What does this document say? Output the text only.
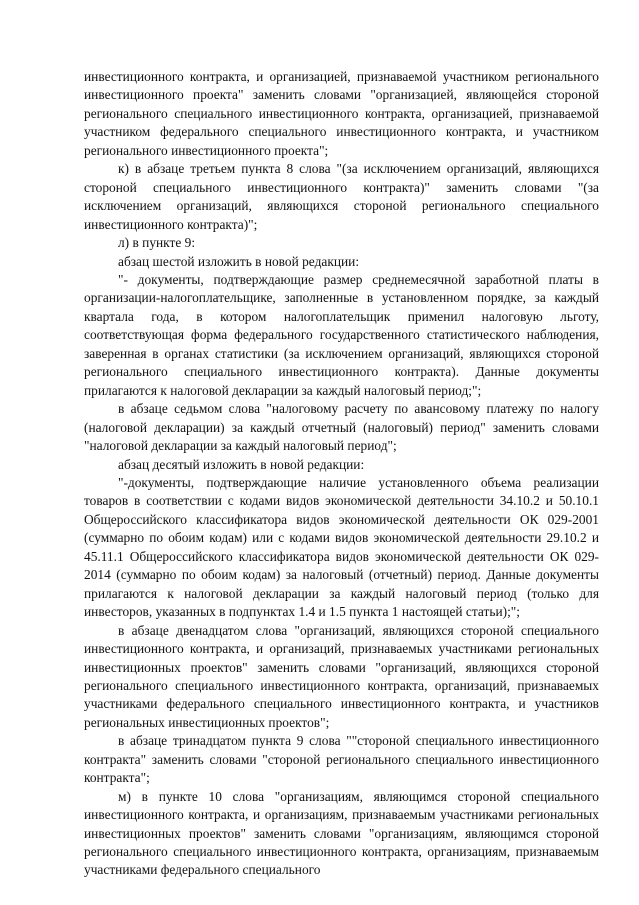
инвестиционного контракта, и организацией, признаваемой участником регионального инвестиционного проекта" заменить словами "организацией, являющейся стороной регионального специального инвестиционного контракта, организацией, признаваемой участником федерального специального инвестиционного контракта, и участником регионального инвестиционного проекта";

к) в абзаце третьем пункта 8 слова "(за исключением организаций, являющихся стороной специального инвестиционного контракта)" заменить словами "(за исключением организаций, являющихся стороной регионального специального инвестиционного контракта)";

л) в пункте 9:

абзац шестой изложить в новой редакции:

"- документы, подтверждающие размер среднемесячной заработной платы в организации-налогоплательщике, заполненные в установленном порядке, за каждый квартала года, в котором налогоплательщик применил налоговую льготу, соответствующая форма федерального государственного статистического наблюдения, заверенная в органах статистики (за исключением организаций, являющихся стороной регионального специального инвестиционного контракта). Данные документы прилагаются к налоговой декларации за каждый налоговый период;";

в абзаце седьмом слова "налоговому расчету по авансовому платежу по налогу (налоговой декларации) за каждый отчетный (налоговый) период" заменить словами "налоговой декларации за каждый налоговый период";

абзац десятый изложить в новой редакции:

"-документы, подтверждающие наличие установленного объема реализации товаров в соответствии с кодами видов экономической деятельности 34.10.2 и 50.10.1 Общероссийского классификатора видов экономической деятельности ОК 029-2001 (суммарно по обоим кодам) или с кодами видов экономической деятельности 29.10.2 и 45.11.1 Общероссийского классификатора видов экономической деятельности ОК 029-2014 (суммарно по обоим кодам) за налоговый (отчетный) период. Данные документы прилагаются к налоговой декларации за каждый налоговый период (только для инвесторов, указанных в подпунктах 1.4 и 1.5 пункта 1 настоящей статьи);";

в абзаце двенадцатом слова "организаций, являющихся стороной специального инвестиционного контракта, и организаций, признаваемых участниками региональных инвестиционных проектов" заменить словами "организаций, являющихся стороной регионального специального инвестиционного контракта, организаций, признаваемых участниками федерального специального инвестиционного контракта, и участников региональных инвестиционных проектов";

в абзаце тринадцатом пункта 9 слова ""стороной специального инвестиционного контракта" заменить словами "стороной регионального специального инвестиционного контракта";

м) в пункте 10 слова "организациям, являющимся стороной специального инвестиционного контракта, и организациям, признаваемым участниками региональных инвестиционных проектов" заменить словами "организациям, являющимся стороной регионального специального инвестиционного контракта, организациям, признаваемым участниками федерального специального
